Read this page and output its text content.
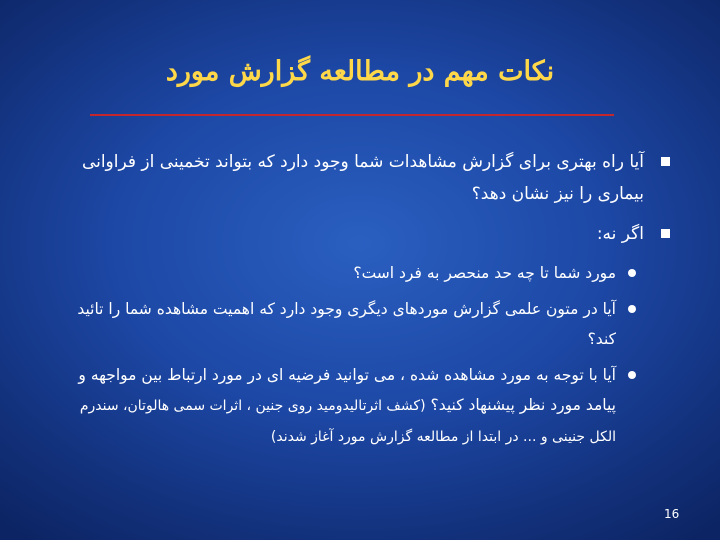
نکات مهم در مطالعه گزارش مورد
آیا راه بهتری برای گزارش مشاهدات شما وجود دارد که بتواند تخمینی از فراوانی بیماری را نیز نشان دهد؟
اگر نه:
مورد شما تا چه حد منحصر به فرد است؟
آیا در متون علمی گزارش موردهای دیگری وجود دارد که اهمیت مشاهده شما را تائید کند؟
آیا با توجه به مورد مشاهده شده ، می توانید فرضیه ای در مورد ارتباط بین مواجهه و پیامد مورد نظر پیشنهاد کنید؟ (کشف اثرتالیدومید روی جنین ، اثرات سمی هالوتان، سندرم الکل جنینی و ... در ابتدا از مطالعه گزارش مورد آغاز شدند)
16
